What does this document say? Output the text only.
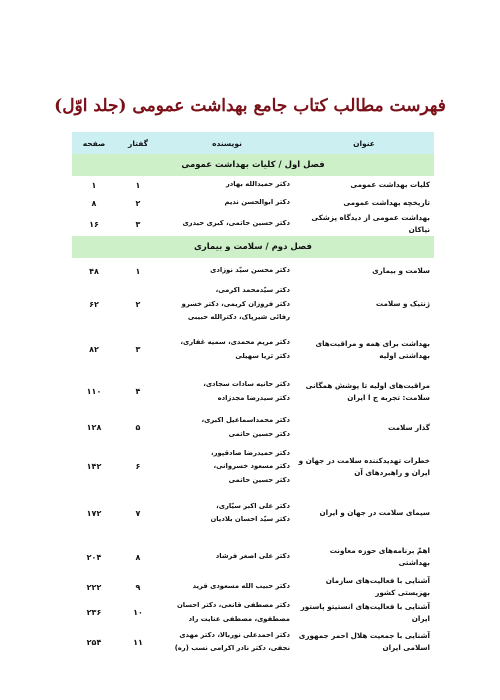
فهرست مطالب کتاب جامع بهداشت عمومی (جلد اوّل)
عنوان	نویسنده	گفتار	صفحه
فصل اول / کلیات بهداشت عمومی			
کلیات بهداشت عمومی	دکتر حمیدالله بهادر	۱	۱
تاریخچه بهداشت عمومی	دکتر ابوالحسن ندیم	۲	۸
بهداشت عمومی از دیدگاه پزشکی نیاکان	دکتر حسین حاتمی، کبری حیدری	۳	۱۶
فصل دوم / سلامت و بیماری			
سلامت و بیماری	دکتر محسن سیّد نوزادی	۱	۴۸
ژنتیک و سلامت	دکتر سیّدمحمد اکرمی،
دکتر فروزان کریمی، دکتر خسرو
رفائی شیرپاک، دکترالله حبیبی	۲	۶۲
بهداشت برای همه و مراقبت‌های بهداشتی اولیه	دکتر مریم محمدی، سمیه غفاری،
دکتر ثریا سهیلی	۳	۸۲
مراقبت‌های اولیه تا پوشش همگانی سلامت: تجربه ج ا ایران	دکتر حانیه سادات سجادی،
دکتر سیدرضا مجدزاده	۴	۱۱۰
گذار سلامت	دکتر محمداسماعیل اکبری،
دکتر حسین حاتمی	۵	۱۲۸
خطرات تهدیدکننده سلامت در جهان و ایران و راهبردهای آن	دکتر حمیدرضا صادقپور،
دکتر مسعود خسروانی،
دکتر حسین حاتمی	۶	۱۴۲
سیمای سلامت در جهان و ایران	دکتر علی اکبر سیّاری،
دکتر سیّد احسان بلادیان	۷	۱۷۲
اهمّ برنامه‌های حوزه معاونت بهداشتی	دکتر علی اصغر فرشاد	۸	۲۰۴
آشنایی با فعالیت‌های سازمان بهزیستی کشور	دکتر حبیب الله مسعودی فرید	۹	۲۲۲
آشنایی با فعالیت‌های انستیتو پاستور ایران	دکتر مصطفی قانعی، دکتر احسان
مصطفوی، مصطفی عنایت راد	۱۰	۲۳۶
آشنایی با جمعیت هلال احمر جمهوری اسلامی ایران	دکتر احمدعلی نوربالا، دکتر مهدی
نجفی، دکتر نادر اکرامی نسب (ره)	۱۱	۲۵۴
